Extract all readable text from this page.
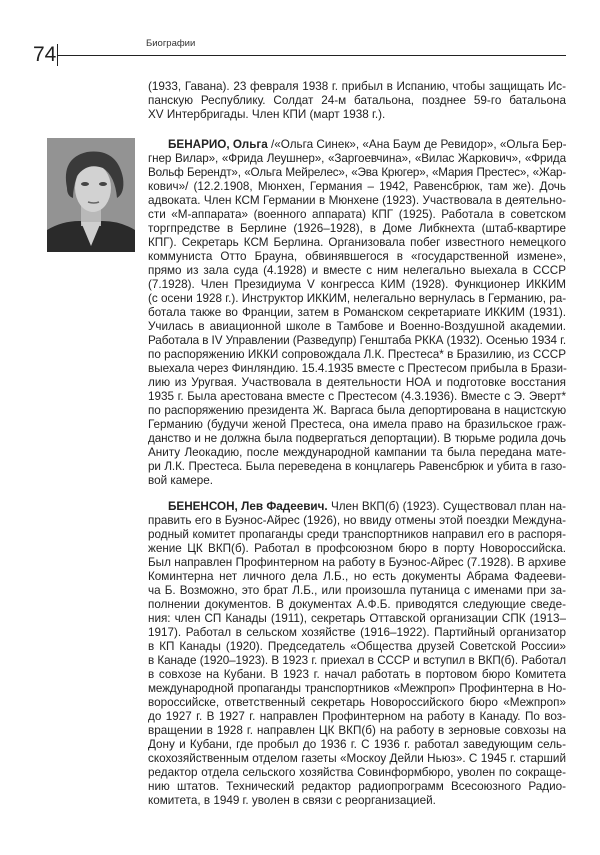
74	Биографии
(1933, Гавана). 23 февраля 1938 г. прибыл в Испанию, чтобы защищать Ис-
панскую Республику. Солдат 24-м батальона, позднее 59-го батальона
XV Интербригады. Член КПИ (март 1938 г.).
БЕНАРИО, Ольга /«Ольга Синек», «Ана Баум де Ревидор», «Ольга Бер-
гнер Вилар», «Фрида Леушнер», «Заргоевчина», «Вилас Жаркович», «Фрида
Вольф Берендт», «Ольга Мейрелес», «Эва Крюгер», «Мария Престес», «Жар-
кович»/ (12.2.1908, Мюнхен, Германия – 1942, Равенсбрюк, там же). Дочь
адвоката. Член КСМ Германии в Мюнхене (1923). Участвовала в деятельно-
сти «М-аппарата» (военного аппарата) КПГ (1925). Работала в советском
торгпредстве в Берлине (1926–1928), в Доме Либкнехта (штаб-квартире
КПГ). Секретарь КСМ Берлина. Организовала побег известного немецкого
коммуниста Отто Брауна, обвинявшегося в «государственной измене»,
прямо из зала суда (4.1928) и вместе с ним нелегально выехала в СССР
(7.1928). Член Президиума V конгресса КИМ (1928). Функционер ИККИМ
(с осени 1928 г.). Инструктор ИККИМ, нелегально вернулась в Германию, ра-
ботала также во Франции, затем в Романском секретариате ИККИМ (1931).
Училась в авиационной школе в Тамбове и Военно-Воздушной академии.
Работала в IV Управлении (Разведупр) Генштаба РККА (1932). Осенью 1934 г.
по распоряжению ИККИ сопровождала Л.К. Престеса* в Бразилию, из СССР
выехала через Финляндию. 15.4.1935 вместе с Престесом прибыла в Брази-
лию из Уругвая. Участвовала в деятельности НОА и подготовке восстания
1935 г. Была арестована вместе с Престесом (4.3.1936). Вместе с Э. Эверт*
по распоряжению президента Ж. Варгаса была депортирована в нацистскую
Германию (будучи женой Престеса, она имела право на бразильское граж-
данство и не должна была подвергаться депортации). В тюрьме родила дочь
Аниту Леокадию, после международной кампании та была передана мате-
ри Л.К. Престеса. Была переведена в концлагерь Равенсбрюк и убита в газо-
вой камере.
БЕНЕНСОН, Лев Фадеевич. Член ВКП(б) (1923). Существовал план на-
править его в Буэнос-Айрес (1926), но ввиду отмены этой поездки Междуна-
родный комитет пропаганды среди транспортников направил его в распоря-
жение ЦК ВКП(б). Работал в профсоюзном бюро в порту Новороссийска.
Был направлен Профинтерном на работу в Буэнос-Айрес (7.1928). В архиве
Коминтерна нет личного дела Л.Б., но есть документы Абрама Фадееви-
ча Б. Возможно, это брат Л.Б., или произошла путаница с именами при за-
полнении документов. В документах А.Ф.Б. приводятся следующие сведе-
ния: член СП Канады (1911), секретарь Оттавской организации СПК (1913–
1917). Работал в сельском хозяйстве (1916–1922). Партийный организатор
в КП Канады (1920). Председатель «Общества друзей Советской России»
в Канаде (1920–1923). В 1923 г. приехал в СССР и вступил в ВКП(б). Работал
в совхозе на Кубани. В 1923 г. начал работать в портовом бюро Комитета
международной пропаганды транспортников «Межпроп» Профинтерна в Но-
вороссийске, ответственный секретарь Новороссийского бюро «Межпроп»
до 1927 г. В 1927 г. направлен Профинтерном на работу в Канаду. По воз-
вращении в 1928 г. направлен ЦК ВКП(б) на работу в зерновые совхозы на
Дону и Кубани, где пробыл до 1936 г. С 1936 г. работал заведующим сель-
скохозяйственным отделом газеты «Москоу Дейли Ньюз». С 1945 г. старший
редактор отдела сельского хозяйства Совинформбюро, уволен по сокраще-
нию штатов. Технический редактор радиопрограмм Всесоюзного Радио-
комитета, в 1949 г. уволен в связи с реорганизацией.
